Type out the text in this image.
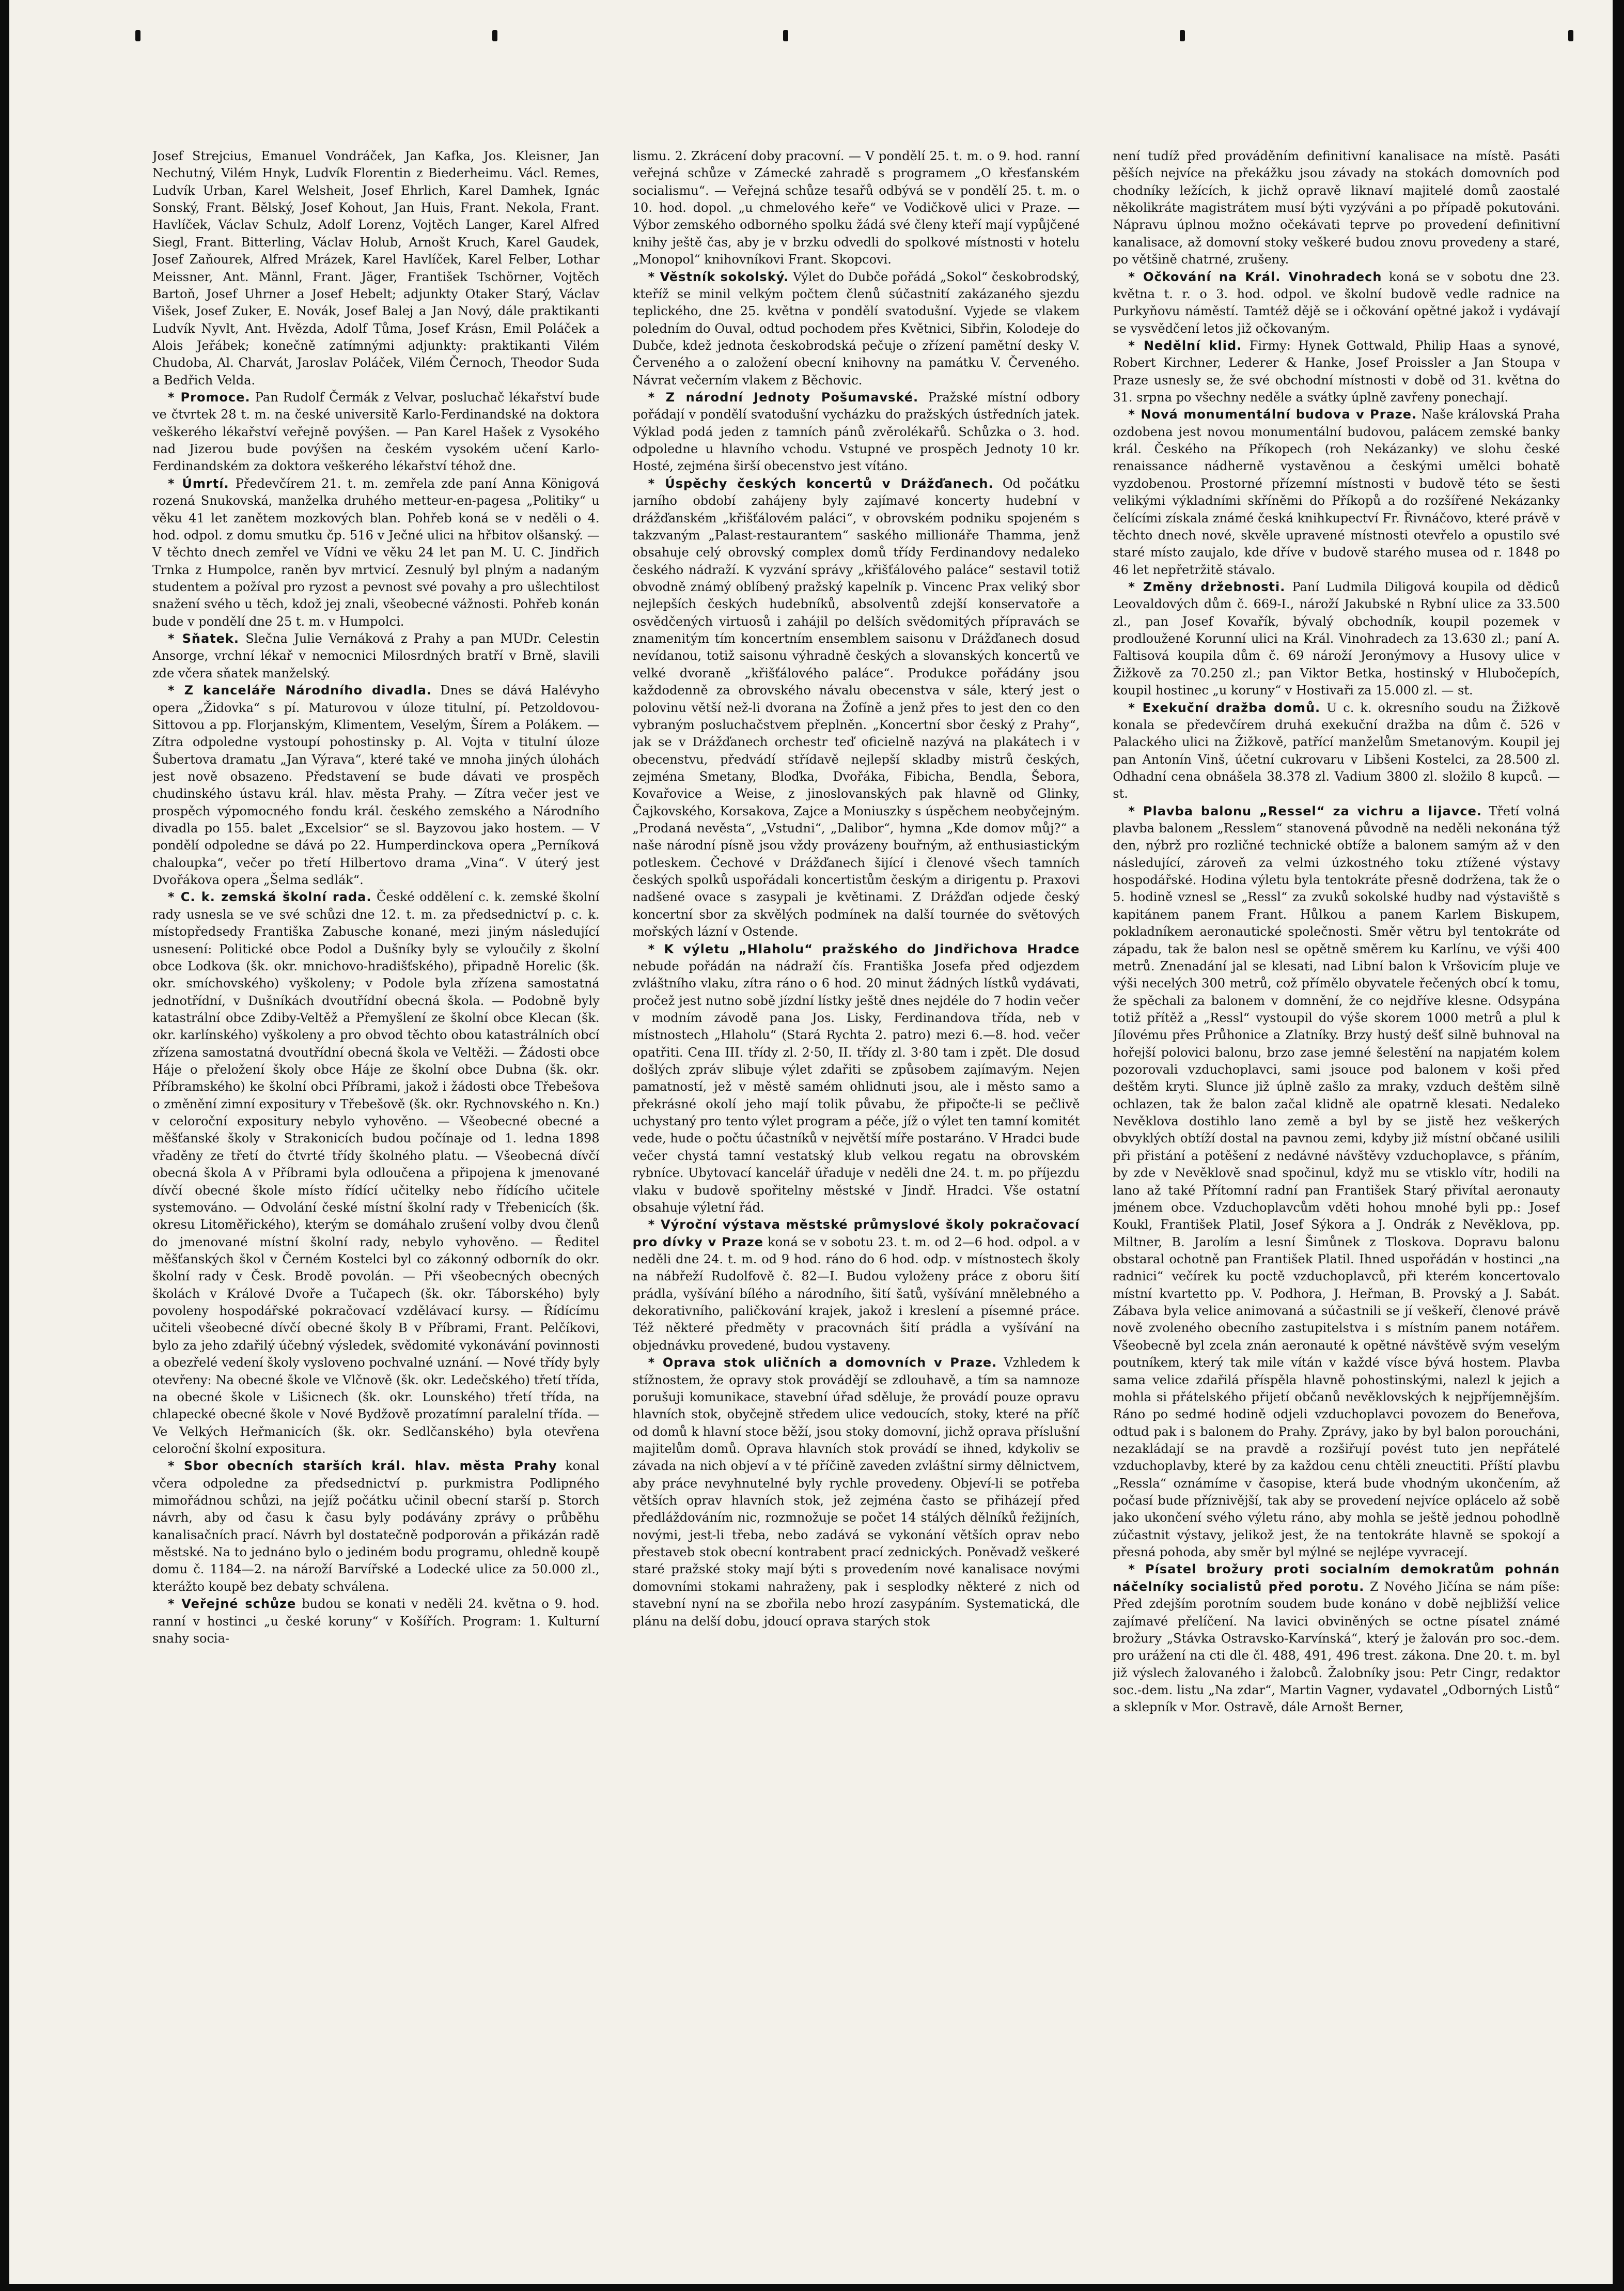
Josef Strejcius, Emanuel Vondráček, Jan Kafka, Jos. Kleisner, Jan Nechutný, Vilém Hnyk, Ludvík Florentin z Biederheimu. Václ. Remes, Ludvík Urban, Karel Welsheit, Josef Ehrlich, Karel Damhek, Ignác Sonský, Frant. Bělský, Josef Kohout, Jan Huis, Frant. Nekola, Frant. Havlíček, Václav Schulz, Adolf Lorenz, Vojtěch Langer, Karel Alfred Siegl, Frant. Bitterling, Václav Holub, Arnošt Kruch, Karel Gaudek, Josef Zaňourek, Alfred Mrázek, Karel Havlíček, Karel Felber, Lothar Meissner, Ant. Männl, Frant. Jäger, František Tschörner, Vojtěch Bartoň, Josef Uhrner a Josef Hebelt; adjunkty Otaker Starý, Václav Višek, Josef Zuker, E. Novák, Josef Balej a Jan Nový, dále praktikanti Ludvík Nyvlt, Ant. Hvězda, Adolf Tůma, Josef Krásn, Emil Poláček a Alois Jeřábek; konečně zatímnými adjunkty: praktikanti Vilém Chudoba, Al. Charvát, Jaroslav Poláček, Vilém Černoch, Theodor Suda a Bedřich Velda.

* Promoce. Pan Rudolf Čermák z Velvar, posluchač lékařství bude ve čtvrtek 28 t. m. na české universitě Karlo-Ferdinandské na doktora veškerého lékařství veřejně povýšen. — Pan Karel Hašek z Vysokého nad Jizerou bude povýšen na českém vysokém učení Karlo-Ferdinandském za doktora veškerého lékařství téhož dne.

* Úmrtí. Předevčírem 21. t. m. zemřela zde paní Anna Königová rozená Snukovská, manželka druhého metteur-en-pagesa „Politiky“ u věku 41 let zanětem mozkových blan. Pohřeb koná se v neděli o 4. hod. odpol. z domu smutku čp. 516 v Ječné ulici na hřbitov olšanský. — V těchto dnech zemřel ve Vídni ve věku 24 let pan M. U. C. Jindřich Trnka z Humpolce, raněn byv mrtvicí. Zesnulý byl plným a nadaným studentem a požíval pro ryzost a pevnost své povahy a pro ušlechtilost snažení svého u těch, kdož jej znali, všeobecné vážnosti. Pohřeb konán bude v pondělí dne 25 t. m. v Humpolci.

* Sňatek. Slečna Julie Vernáková z Prahy a pan MUDr. Celestin Ansorge, vrchní lékař v nemocnici Milosrdných bratří v Brně, slavili zde včera sňatek manželský.

* Z kanceláře Národního divadla. Dnes se dává Halévyho opera „Židovka“ s pí. Maturovou v úloze titulní, pí. Petzoldovou-Sittovou a pp. Florjanským, Klimentem, Veselým, Šírem a Polákem. — Zítra odpoledne vystoupí pohostinsky p. Al. Vojta v titulní úloze Šubertova dramatu „Jan Výrava“, které také ve mnoha jiných úlohách jest nově obsazeno. Představení se bude dávati ve prospěch chudinského ústavu král. hlav. města Prahy. — Zítra večer jest ve prospěch výpomocného fondu král. českého zemského a Národního divadla po 155. balet „Excelsior“ se sl. Bayzovou jako hostem. — V pondělí odpoledne se dává po 22. Humperdinckova opera „Perníková chaloupka“, večer po třetí Hilbertovo drama „Vina“. V úterý jest Dvořákova opera „Šelma sedlák“.

* C. k. zemská školní rada. České oddělení c. k. zemské školní rady usnesla se ve své schůzi dne 12. t. m. za předsednictví p. c. k. místopředsedy Františka Zabusche konané, mezi jiným následující usnesení: Politické obce Podol a Dušníky byly se vyloučily z školní obce Lodkova (šk. okr. mnichovo-hradišťského), připadně Horelic (šk. okr. smíchovského) vyškoleny; v Podole byla zřízena samostatná jednotřídní, v Dušníkách dvoutřídní obecná škola. — Podobně byly katastrální obce Zdiby-Veltěž a Přemyšlení ze školní obce Klecan (šk. okr. karlínského) vyškoleny a pro obvod těchto obou katastrálních obcí zřízena samostatná dvoutřídní obecná škola ve Veltěži. — Žádosti obce Háje o přeložení školy obce Háje ze školní obce Dubna (šk. okr. Příbramského) ke školní obci Příbrami, jakož i žádosti obce Třebešova o změnění zimní expositury v Třebešově (šk. okr. Rychnovského n. Kn.) v celoroční expositury nebylo vyhověno. — Všeobecné obecné a měšťanské školy v Strakonicích budou počínaje od 1. ledna 1898 vřaděny ze třetí do čtvrté třídy školného platu. — Všeobecná dívčí obecná škola A v Příbrami byla odloučena a připojena k jmenované dívčí obecné škole místo řídící učitelky nebo řídícího učitele systemováno. — Odvolání české místní školní rady v Třebenicích (šk. okresu Litoměřického), kterým se domáhalo zrušení volby dvou členů do jmenované místní školní rady, nebylo vyhověno. — Ředitel měšťanských škol v Černém Kostelci byl co zákonný odborník do okr. školní rady v Česk. Brodě povolán. — Při všeobecných obecných školách v Králové Dvoře a Tučapech (šk. okr. Táborského) byly povoleny hospodářské pokračovací vzdělávací kursy. — Řídícímu učiteli všeobecné dívčí obecné školy B v Příbrami, Frant. Pelčíkovi, bylo za jeho zdařilý účebný výsledek, svědomité vykonávání povinnosti a obezřelé vedení školy vysloveno pochvalné uznání. — Nové třídy byly otevřeny: Na obecné škole ve Vlčnově (šk. okr. Ledečského) třetí třída, na obecné škole v Lišicnech (šk. okr. Lounského) třetí třída, na chlapecké obecné škole v Nové Bydžově prozatímní paralelní třída. — Ve Velkých Heřmanicích (šk. okr. Sedlčanského) byla otevřena celoroční školní expositura.

* Sbor obecních starších král. hlav. města Prahy konal včera odpoledne za předsednictví p. purkmistra Podlipného mimořádnou schůzi, na jejíž počátku učinil obecní starší p. Storch návrh, aby od času k času byly podávány zprávy o průběhu kanalisačních prací. Návrh byl dostatečně podporován a přikázán radě městské. Na to jednáno bylo o jediném bodu programu, ohledně koupě domu č. 1184—2. na nároží Barvířské a Lodecké ulice za 50.000 zl., kterážto koupě bez debaty schválena.

* Veřejné schůze budou se konati v neděli 24. května o 9. hod. ranní v hostinci „u české koruny“ v Košířích. Program: 1. Kulturní snahy socia-

lismu. 2. Zkrácení doby pracovní. — V pondělí 25. t. m. o 9. hod. ranní veřejná schůze v Zámecké zahradě s programem „O křesťanském socialismu“. — Veřejná schůze tesařů odbývá se v pondělí 25. t. m. o 10. hod. dopol. „u chmelového keře“ ve Vodičkově ulici v Praze. — Výbor zemského odborného spolku žádá své členy kteří mají vypůjčené knihy ještě čas, aby je v brzku odvedli do spolkové místnosti v hotelu „Monopol“ knihovníkovi Frant. Skopcovi.

* Věstník sokolský. Výlet do Dubče pořádá „Sokol“ českobrodský, kteříž se minil velkým počtem členů súčastnití zakázaného sjezdu teplického, dne 25. května v pondělí svatodušní. Vyjede se vlakem poledním do Ouval, odtud pochodem přes Květnici, Sibřin, Kolodeje do Dubče, kdež jednota českobrodská pečuje o zřízení pamětní desky V. Červeného a o založení obecní knihovny na památku V. Červeného. Návrat večerním vlakem z Běchovic.

* Z národní Jednoty Pošumavské. Pražské místní odbory pořádají v pondělí svatodušní vycházku do pražských ústředních jatek. Výklad podá jeden z tamních pánů zvěrolékařů. Schůzka o 3. hod. odpoledne u hlavního vchodu. Vstupné ve prospěch Jednoty 10 kr. Hosté, zejména širší obecenstvo jest vítáno.

* Úspěchy českých koncertů v Drážďanech. Od počátku jarního období zahájeny byly zajímavé koncerty hudební v drážďanském „křišťálovém paláci“, v obrovském podniku spojeném s takzvaným „Palast-restaurantem“ saského millionáře Thamma, jenž obsahuje celý obrovský complex domů třídy Ferdinandovy nedaleko českého nádraží. K vyzvání správy „křišťálového paláce“ sestavil totiž obvodně známý oblíbený pražský kapelník p. Vincenc Prax veliký sbor nejlepších českých hudebníků, absolventů zdejší konservatoře a osvědčených virtuosů i zahájil po delších svědomitých přípravách se znamenitým tím koncertním ensemblem saisonu v Drážďanech dosud nevídanou, totiž saisonu výhradně českých a slovanských koncertů ve velké dvoraně „křišťálového paláce“. Produkce pořádány jsou každodenně za obrovského návalu obecenstva v sále, který jest o polovinu větší než-li dvorana na Žofíně a jenž přes to jest den co den vybraným posluchačstvem přeplněn. „Koncertní sbor český z Prahy“, jak se v Drážďanech orchestr teď oficielně nazývá na plakátech i v obecenstvu, předvádí střídavě nejlepší skladby mistrů českých, zejména Smetany, Bloďka, Dvořáka, Fibicha, Bendla, Šebora, Kovařovice a Weise, z jinoslovanských pak hlavně od Glinky, Čajkovského, Korsakova, Zajce a Moniuszky s úspěchem neobyčejným. „Prodaná nevěsta“, „Vstudni“, „Dalibor“, hymna „Kde domov můj?“ a naše národní písně jsou vždy provázeny bouřným, až enthusiastickým potleskem. Čechové v Drážďanech šijící i členové všech tamních českých spolků uspořádali koncertistům českým a dirigentu p. Praxovi nadšené ovace s zasypali je květinami. Z Drážďan odjede český koncertní sbor za skvělých podmínek na další tournée do světových mořských lázní v Ostende.

* K výletu „Hlaholu“ pražského do Jindřichova Hradce nebude pořádán na nádraží čís. Františka Josefa před odjezdem zvláštního vlaku, zítra ráno o 6 hod. 20 minut žádných lístků vydávati, pročež jest nutno sobě jízdní lístky ještě dnes nejdéle do 7 hodin večer v modním závodě pana Jos. Lisky, Ferdinandova třída, neb v místnostech „Hlaholu“ (Stará Rychta 2. patro) mezi 6.—8. hod. večer opatřiti. Cena III. třídy zl. 2·50, II. třídy zl. 3·80 tam i zpět. Dle dosud došlých zpráv slibuje výlet zdařiti se způsobem zajímavým. Nejen pamatností, jež v městě samém ohlidnuti jsou, ale i město samo a překrásné okolí jeho mají tolik půvabu, že připočte-li se pečlivě uchystaný pro tento výlet program a péče, jíž o výlet ten tamní komitét vede, hude o počtu účastníků v největší míře postaráno. V Hradci bude večer chystá tamní vestatský klub velkou regatu na obrovském rybníce. Ubytovací kancelář úřaduje v neděli dne 24. t. m. po příjezdu vlaku v budově spořitelny městské v Jindř. Hradci. Vše ostatní obsahuje výletní řád.

* Výroční výstava městské průmyslové školy pokračovací pro dívky v Praze koná se v sobotu 23. t. m. od 2—6 hod. odpol. a v neděli dne 24. t. m. od 9 hod. ráno do 6 hod. odp. v místnostech školy na nábřeží Rudolfově č. 82—I. Budou vyloženy práce z oboru šití prádla, vyšívání bílého a národního, šití šatů, vyšívání mnělebného a dekorativního, paličkování krajek, jakož i kreslení a písemné práce. Též některé předměty v pracovnách šití prádla a vyšívání na objednávku provedené, budou vystaveny.

* Oprava stok uličních a domovních v Praze. Vzhledem k stížnostem, že opravy stok provádějí se zdlouhavě, a tím sa namnoze porušuji komunikace, stavební úřad sděluje, že provádí pouze opravu hlavních stok, obyčejně středem ulice vedoucích, stoky, které na příč od domů k hlavní stoce běží, jsou stoky domovní, jichž oprava příslušní majitelům domů. Oprava hlavních stok provádí se ihned, kdykoliv se závada na nich objeví a v té příčině zaveden zvláštní sirmy dělnictvem, aby práce nevyhnutelné byly rychle provedeny. Objeví-li se potřeba větších oprav hlavních stok, jež zejména často se přiházejí před předláždováním nic, rozmnožuje se počet 14 stálých dělníků řežijních, novými, jest-li třeba, nebo zadává se vykonání větších oprav nebo přestaveb stok obecní kontrabent prací zednických. Poněvadž veškeré staré pražské stoky mají býti s provedením nové kanalisace novými domovními stokami nahraženy, pak i sesplodky některé z nich od stavební nyní na se zbořila nebo hrozí zasypáním. Systematická, dle plánu na delší dobu, jdoucí oprava starých stok

není tudíž před prováděním definitivní kanalisace na místě. Pasáti pěších nejvíce na překážku jsou závady na stokách domovních pod chodníky ležících, k jichž opravě liknaví majitelé domů zaostalé několikráte magistrátem musí býti vyzýváni a po případě pokutováni. Nápravu úplnou možno očekávati teprve po provedení definitivní kanalisace, až domovní stoky veškeré budou znovu provedeny a staré, po většině chatrné, zrušeny.

* Očkování na Král. Vinohradech koná se v sobotu dne 23. května t. r. o 3. hod. odpol. ve školní budově vedle radnice na Purkyňovu náměstí. Tamtéž dějě se i očkování opětné jakož i vydávají se vysvědčení letos již očkovaným.

* Nedělní klid. Firmy: Hynek Gottwald, Philip Haas a synové, Robert Kirchner, Lederer & Hanke, Josef Proissler a Jan Stoupa v Praze usnesly se, že své obchodní místnosti v době od 31. května do 31. srpna po všechny neděle a svátky úplně zavřeny ponechají.

* Nová monumentální budova v Praze. Naše královská Praha ozdobena jest novou monumentální budovou, palácem zemské banky král. Českého na Příkopech (roh Nekázanky) ve slohu české renaissance nádherně vystavěnou a českými umělci bohatě vyzdobenou. Prostorné přízemní místnosti v budově této se šesti velikými výkladními skříněmi do Příkopů a do rozšířené Nekázanky čelícími získala známé česká knihkupectví Fr. Řivnáčovo, které právě v těchto dnech nové, skvěle upravené místnosti otevřelo a opustilo své staré místo zaujalo, kde dříve v budově starého musea od r. 1848 po 46 let nepřetržitě stávalo.

* Změny držebnosti. Paní Ludmila Diligová koupila od dědiců Leovaldových dům č. 669-I., nároží Jakubské n Rybní ulice za 33.500 zl., pan Josef Kovařík, bývalý obchodník, koupil pozemek v prodloužené Korunní ulici na Král. Vinohradech za 13.630 zl.; paní A. Faltisová koupila dům č. 69 nároží Jeronýmovy a Husovy ulice v Žižkově za 70.250 zl.; pan Viktor Betka, hostinský v Hlubočepích, koupil hostinec „u koruny“ v Hostivaři za 15.000 zl. — st.

* Exekuční dražba domů. U c. k. okresního soudu na Žižkově konala se předevčírem druhá exekuční dražba na dům č. 526 v Palackého ulici na Žižkově, patřící manželům Smetanovým. Koupil jej pan Antonín Vinš, účetní cukrovaru v Libšeni Kostelci, za 28.500 zl. Odhadní cena obnášela 38.378 zl. Vadium 3800 zl. složilo 8 kupců. — st.

* Plavba balonu „Ressel“ za vichru a lijavce. Třetí volná plavba balonem „Resslem“ stanovená původně na neděli nekonána týž den, nýbrž pro rozličné technické obtíže a balonem samým až v den následující, zároveň za velmi úzkostného toku ztížené výstavy hospodářské. Hodina výletu byla tentokráte přesně dodržena, tak že o 5. hodině vznesl se „Ressl“ za zvuků sokolské hudby nad výstaviště s kapitánem panem Frant. Hůlkou a panem Karlem Biskupem, pokladníkem aeronautické společnosti. Směr větru byl tentokráte od západu, tak že balon nesl se opětně směrem ku Karlínu, ve výši 400 metrů. Znenadání jal se klesati, nad Libní balon k Vršovicím pluje ve výši necelých 300 metrů, což přímělo obyvatele řečených obcí k tomu, že spěchali za balonem v domnění, že co nejdříve klesne. Odsypána totiž přítěž a „Ressl“ vystoupil do výše skorem 1000 metrů a plul k Jílovému přes Průhonice a Zlatníky. Brzy hustý dešť silně buhnoval na hořejší polovici balonu, brzo zase jemné šelestění na napjatém kolem pozorovali vzduchoplavci, sami jsouce pod balonem v koši před deštěm kryti. Slunce již úplně zašlo za mraky, vzduch deštěm silně ochlazen, tak že balon začal klidně ale opatrně klesati. Nedaleko Nevěklova dostihlo lano země a byl by se jistě hez veškerých obvyklých obtíží dostal na pavnou zemi, kdyby již místní občané usilili při přistání a potěšení z nedávné návštěvy vzduchoplavce, s přáním, by zde v Nevěklově snad spočinul, když mu se vtisklo vítr, hodili na lano až také Přítomní radní pan František Starý přivítal aeronauty jménem obce. Vzduchoplavcům vděti hohou mnohé byli pp.: Josef Koukl, František Platil, Josef Sýkora a J. Ondrák z Nevěklova, pp. Miltner, B. Jarolím a lesní Šimůnek z Tloskova. Dopravu balonu obstaral ochotně pan František Platil. Ihned uspořádán v hostinci „na radnici“ večírek ku poctě vzduchoplavců, při kterém koncertovalo místní kvartetto pp. V. Podhora, J. Heřman, B. Provský a J. Sabát. Zábava byla velice animovaná a súčastnili se jí veškeří, členové právě nově zvoleného obecního zastupitelstva i s místním panem notářem. Všeobecně byl zcela znán aeronauté k opětné návštěvě svým veselým poutníkem, který tak mile vítán v každé vísce bývá hostem. Plavba sama velice zdařilá příspěla hlavně pohostinskými, nalezl k jejich a mohla si přátelského přijetí občanů nevěklovských k nejpříjemnějším. Ráno po sedmé hodině odjeli vzduchoplavci povozem do Beneřova, odtud pak i s balonem do Prahy. Zprávy, jako by byl balon poroucháni, nezakládají se na pravdě a rozšiřují povést tuto jen nepřátelé vzduchoplavby, které by za každou cenu chtěli zneuctiti. Příští plavbu „Ressla“ oznámíme v časopise, která bude vhodným ukončením, až počasí bude příznivější, tak aby se provedení nejvíce oplácelo až sobě jako ukončení svého výletu ráno, aby mohla se ještě jednou pohodlně zúčastnit výstavy, jelikož jest, že na tentokráte hlavně se spokojí a přesná pohoda, aby směr byl mýlné se nejlépe vyvracejí.

* Písatel brožury proti socialním demokratům pohnán náčelníky socialistů před porotu. Z Nového Jičína se nám píše: Před zdejším porotním soudem bude konáno v době nejbližší velice zajímavé přelíčení. Na lavici obviněných se octne písatel známé brožury „Stávka Ostravsko-Karvínská“, který je žalován pro soc.-dem. pro urážení na cti dle čl. 488, 491, 496 trest. zákona. Dne 20. t. m. byl již výslech žalovaného i žalobců. Žalobníky jsou: Petr Cingr, redaktor soc.-dem. listu „Na zdar“, Martin Vagner, vydavatel „Odborných Listů“ a sklepník v Mor. Ostravě, dále Arnošt Berner,
